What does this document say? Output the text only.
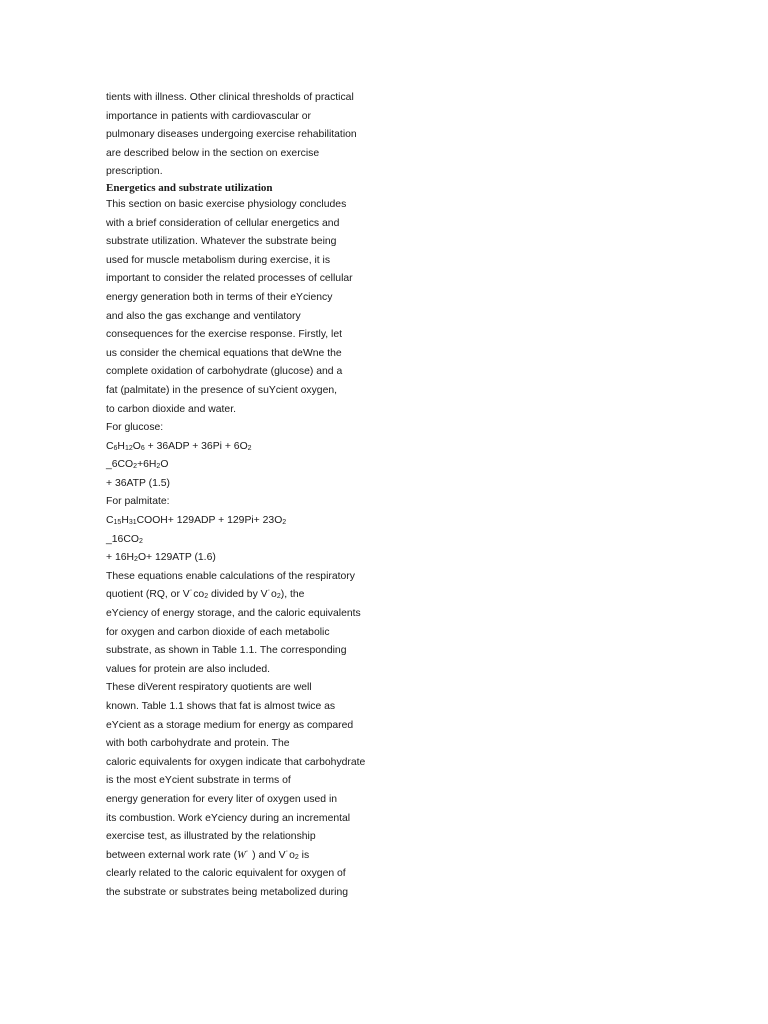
tients with illness. Other clinical thresholds of practical
importance in patients with cardiovascular or
pulmonary diseases undergoing exercise rehabilitation
are described below in the section on exercise
prescription.
Energetics and substrate utilization
This section on basic exercise physiology concludes
with a brief consideration of cellular energetics and
substrate utilization. Whatever the substrate being
used for muscle metabolism during exercise, it is
important to consider the related processes of cellular
energy generation both in terms of their eYciency
and also the gas exchange and ventilatory
consequences for the exercise response. Firstly, let
us consider the chemical equations that deWne the
complete oxidation of carbohydrate (glucose) and a
fat (palmitate) in the presence of suYcient oxygen,
to carbon dioxide and water.
For glucose:
$C_6H_{12}O_6 + 36ADP + 36Pi + 6O_2$
$\_6CO_2+6H_2O$
+ 36ATP (1.5)
For palmitate:
$C_{15}H_{31}COOH+ 129ADP + 129Pi+ 23O_2$
$\_16CO_2$
+ $16H_2O+ 129ATP$ (1.6)
These equations enable calculations of the respiratory
quotient (RQ, or $V˙co_2$ divided by $V˙o_2$), the
eYciency of energy storage, and the caloric equivalents
for oxygen and carbon dioxide of each metabolic
substrate, as shown in Table 1.1. The corresponding
values for protein are also included.
These diVerent respiratory quotients are well
known. Table 1.1 shows that fat is almost twice as
eYcient as a storage medium for energy as compared
with both carbohydrate and protein. The
caloric equivalents for oxygen indicate that carbohydrate
is the most eYcient substrate in terms of
energy generation for every liter of oxygen used in
its combustion. Work eYciency during an incremental
exercise test, as illustrated by the relationship
between external work rate (W˙ ) and $V˙o_2$ is
clearly related to the caloric equivalent for oxygen of
the substrate or substrates being metabolized during
